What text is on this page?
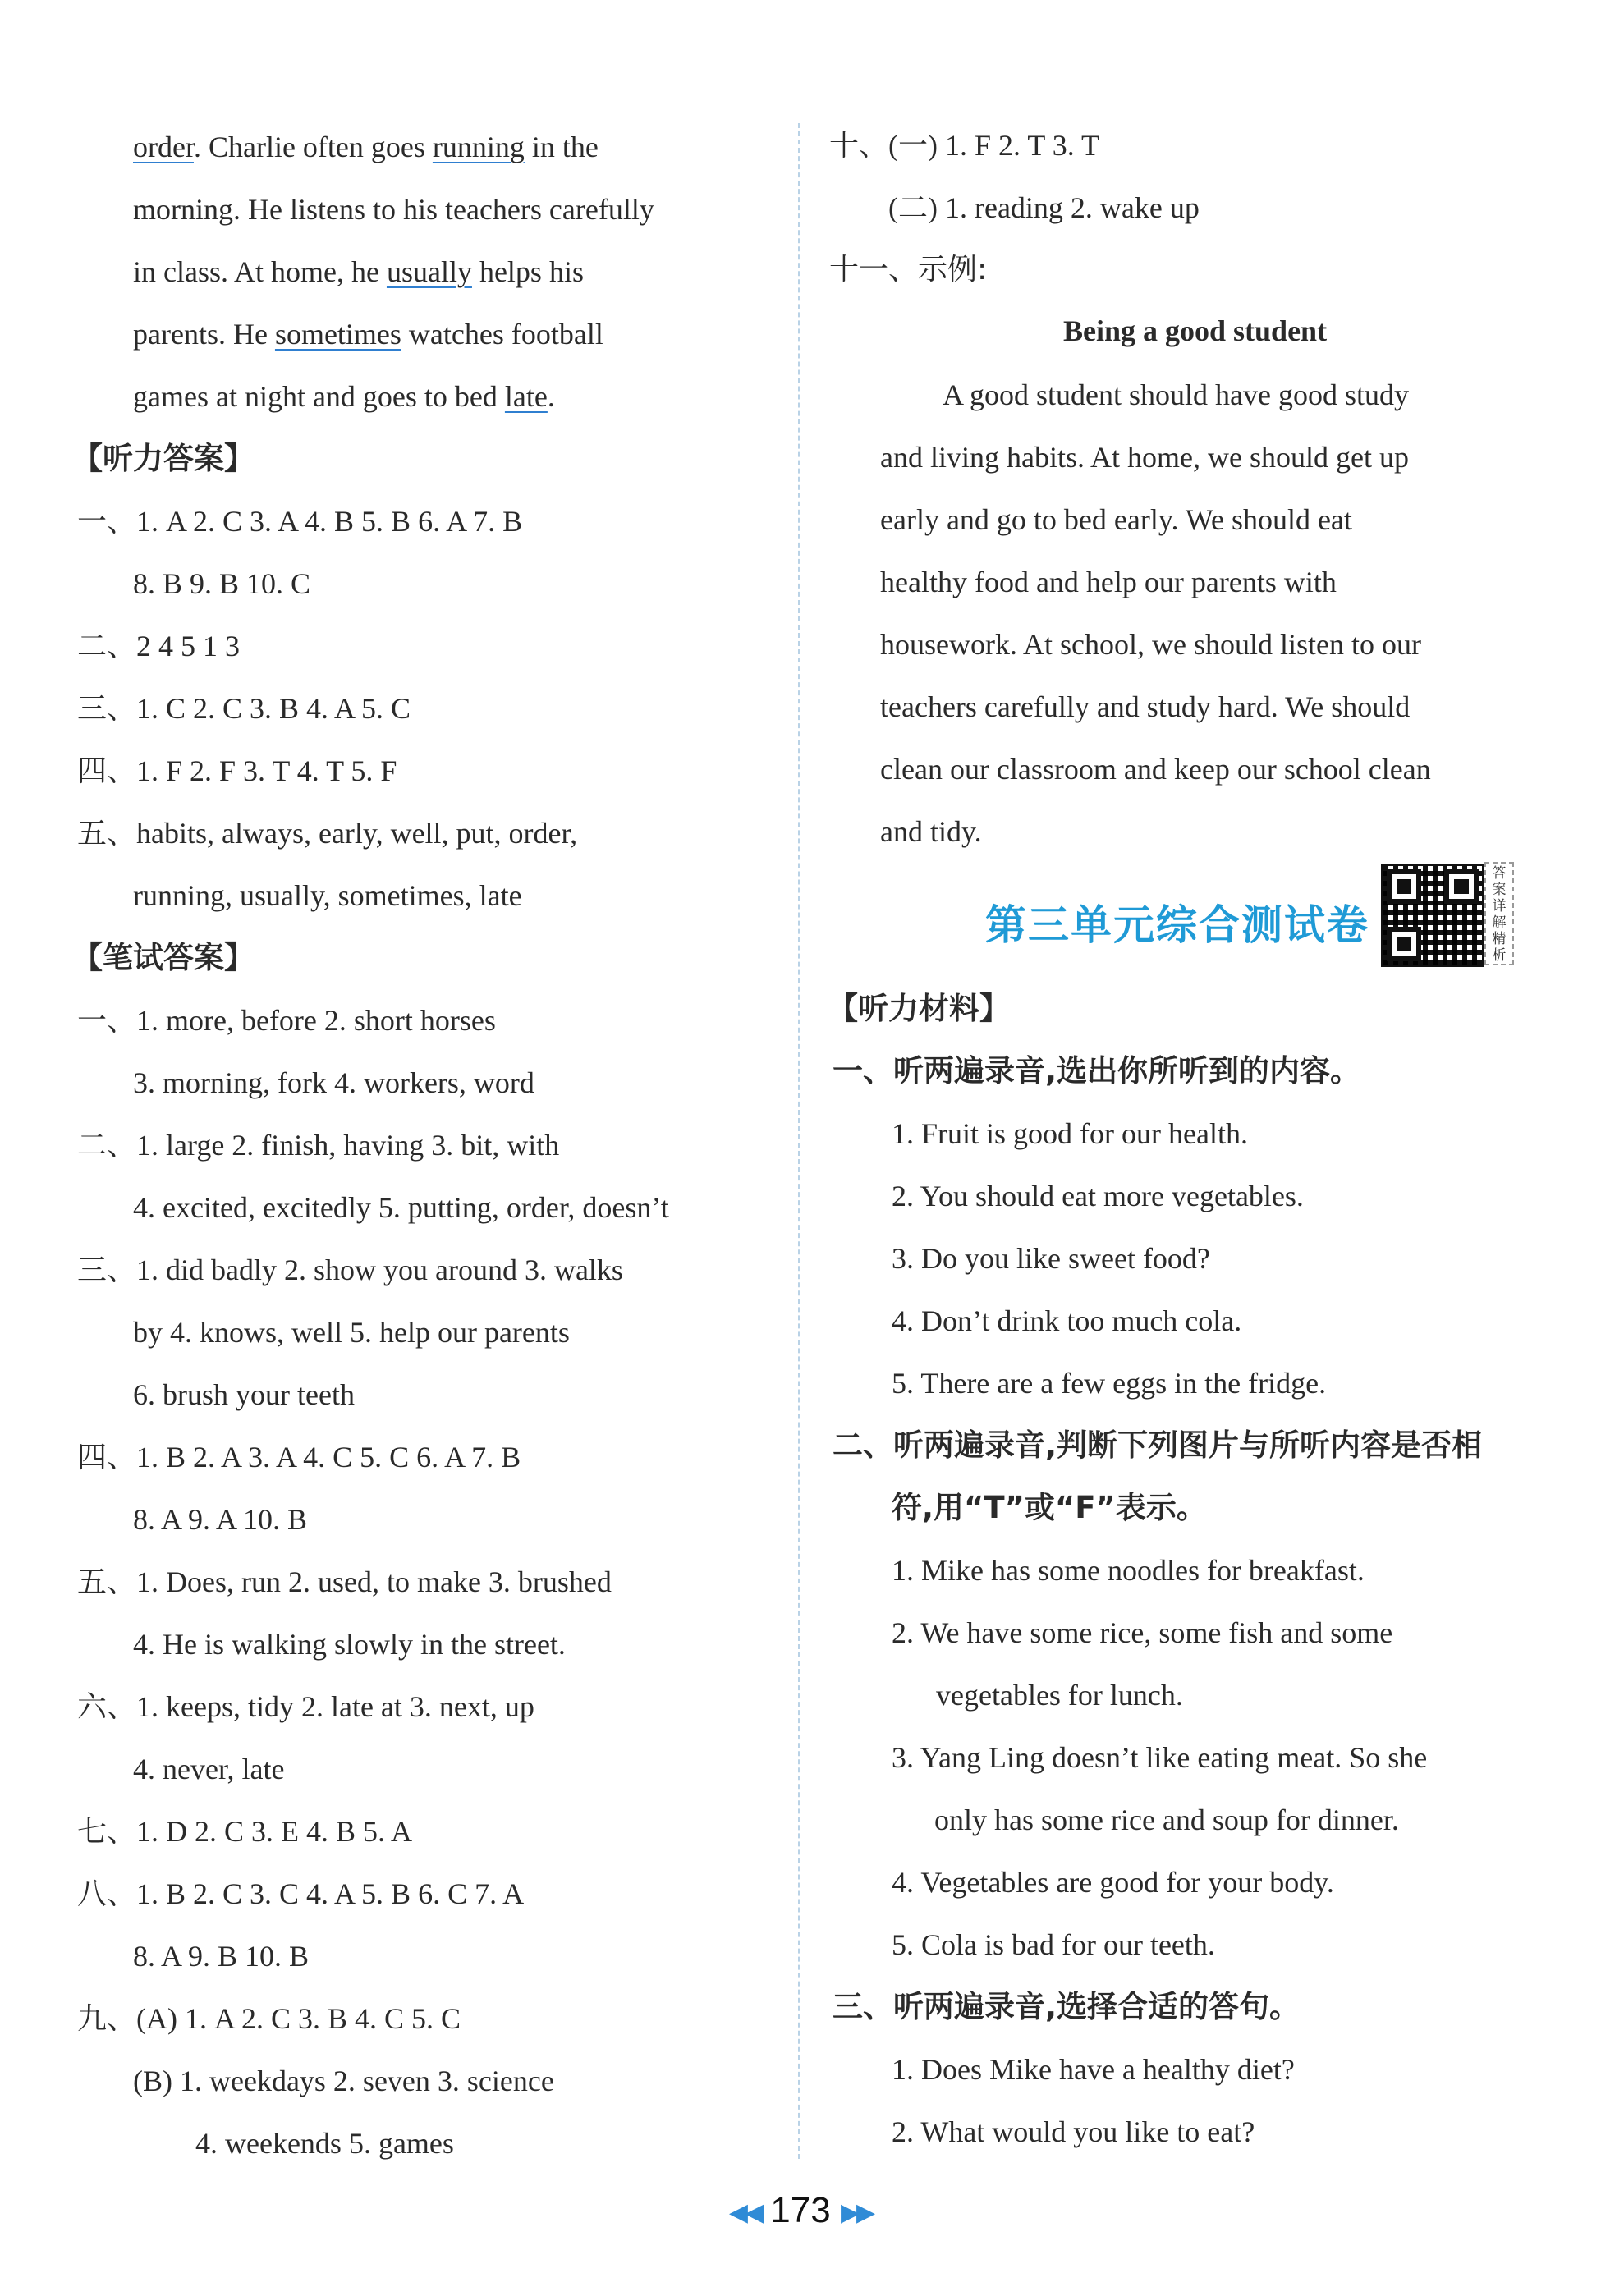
order. Charlie often goes running in the
morning. He listens to his teachers carefully
in class. At home, he usually helps his
parents. He sometimes watches football
games at night and goes to bed late.
【听力答案】
一、1. A 2. C 3. A 4. B 5. B 6. A 7. B
8. B 9. B 10. C
二、2 4 5 1 3
三、1. C 2. C 3. B 4. A 5. C
四、1. F 2. F 3. T 4. T 5. F
五、habits, always, early, well, put, order,
running, usually, sometimes, late
【笔试答案】
一、1. more, before 2. short horses
3. morning, fork 4. workers, word
二、1. large 2. finish, having 3. bit, with
4. excited, excitedly 5. putting, order, doesn’t
三、1. did badly 2. show you around 3. walks
by 4. knows, well 5. help our parents
6. brush your teeth
四、1. B 2. A 3. A 4. C 5. C 6. A 7. B
8. A 9. A 10. B
五、1. Does, run 2. used, to make 3. brushed
4. He is walking slowly in the street.
六、1. keeps, tidy 2. late at 3. next, up
4. never, late
七、1. D 2. C 3. E 4. B 5. A
八、1. B 2. C 3. C 4. A 5. B 6. C 7. A
8. A 9. B 10. B
九、(A) 1. A 2. C 3. B 4. C 5. C
(B) 1. weekdays 2. seven 3. science
4. weekends 5. games
十、(一) 1. F 2. T 3. T
(二) 1. reading 2. wake up
十一、示例:
Being a good student
A good student should have good study
and living habits. At home, we should get up
early and go to bed early. We should eat
healthy food and help our parents with
housework. At school, we should listen to our
teachers carefully and study hard. We should
clean our classroom and keep our school clean
and tidy.
第三单元综合测试卷
答
案
详
解
精
析
【听力材料】
一、听两遍录音,选出你所听到的内容。
1. Fruit is good for our health.
2. You should eat more vegetables.
3. Do you like sweet food?
4. Don’t drink too much cola.
5. There are a few eggs in the fridge.
二、听两遍录音,判断下列图片与所听内容是否相
符,用“T”或“F”表示。
1. Mike has some noodles for breakfast.
2. We have some rice, some fish and some
vegetables for lunch.
3. Yang Ling doesn’t like eating meat. So she
only has some rice and soup for dinner.
4. Vegetables are good for your body.
5. Cola is bad for our teeth.
三、听两遍录音,选择合适的答句。
1. Does Mike have a healthy diet?
2. What would you like to eat?
◀◀ 173 ▶▶
